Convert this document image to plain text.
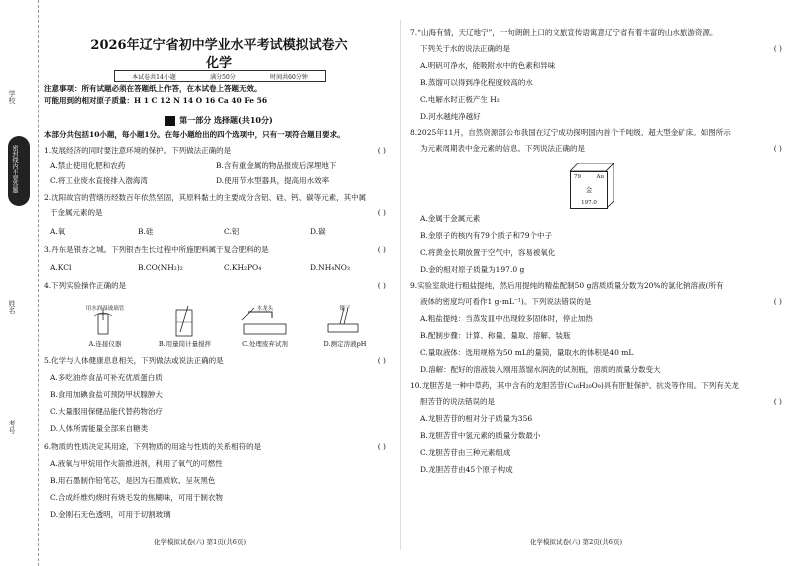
学校
姓名
考号
密封线内不要答题
2026年辽宁省初中学业水平考试模拟试卷六
化学
本试卷共14小题	满分50分	时间共60分钟
注意事项：所有试题必须在答题纸上作答，在本试卷上答题无效。
可能用到的相对原子质量：H 1 C 12 N 14 O 16 Ca 40 Fe 56
第一部分 选择题(共10分)
本部分共包括10小题，每小题1分。在每小题给出的四个选项中，只有一项符合题目要求。
1.发展经济的同时要注意环境的保护。下列做法正确的是	( )
A.禁止使用化肥和农药	B.含有重金属的物品报废后深埋地下
C.将工业废水直接排入渤海湾	D.使用节水型器具，提高用水效率
2.沈阳故宫的营缮历经数百年依然坚固，其原料黏土的主要成分含铝、硅、钙、碳等元素，其中属
于金属元素的是	( )
A.氧	B.硅	C.铝	D.碳
3.丹东是银杏之城。下列银杏生长过程中所施肥料属于复合肥料的是	( )
A.KCl	B.CO(NH₂)₂	C.KH₂PO₄	D.NH₄NO₃
4.下列实验操作正确的是	( )
用水润湿玻璃管
A.连接仪器	B.用量筒计量搅拌
水龙头
C.处理废弃试剂
镊子
D.测定溶液pH
5.化学与人体健康息息相关，下列做法或说法正确的是	( )
A.多吃油炸食品可补充优质蛋白质
B.食用加碘食盐可预防甲状腺肿大
C.大量服用保健品能代替药物治疗
D.人体所需能量全部来自糖类
6.物质的性质决定其用途，下列物质的用途与性质的关系相符的是	( )
A.液氧与甲烷用作火箭推进剂，利用了氧气的可燃性
B.用石墨制作铅笔芯，是因为石墨质软、呈灰黑色
C.合成纤维灼烧时有烧毛发的焦糊味，可用于制衣物
D.金刚石无色透明，可用于切割玻璃
化学模拟试卷(六) 第1页(共6页)
7.“山海有情，天辽地宁”，一句朗朗上口的文旅宣传语寓意辽宁省有着丰富的山水旅游资源。
下列关于水的说法正确的是	( )
A.明矾可净水，能吸附水中的色素和异味
B.蒸馏可以得到净化程度较高的水
C.电解水时正极产生 H₂
D.河水越纯净越好
8.2025年11月，自然资源部公布我国在辽宁成功探明国内首个千吨级、超大型金矿床。如图所示
为元素周期表中金元素的信息。下列说法正确的是	( )
79	Au
金
197.0
A.金属于金属元素
B.金原子的核内有79个质子和79个中子
C.将黄金长期放置于空气中，容易被氧化
D.金的相对原子质量为197.0 g
9.实验室欲进行粗盐提纯，然后用提纯的精盐配制50 g溶质质量分数为20%的氯化钠溶液(所有
液体的密度均可看作1 g·mL⁻¹)。下列说法错误的是	( )
A.粗盐提纯：当蒸发皿中出现较多固体时，停止加热
B.配制步骤：计算、称量、量取、溶解、装瓶
C.量取液体：选用规格为50 mL的量筒，量取水的体积是40 mL
D.溶解：配好的溶液装入刚用蒸馏水润洗的试剂瓶，溶质的质量分数变大
10.龙胆苦是一种中草药，其中含有的龙胆苦苷(C₁₆H₂₀O₉)具有肝脏保护、抗炎等作用。下列有关龙
胆苦苷的说法错误的是	( )
A.龙胆苦苷的相对分子质量为356
B.龙胆苦苷中氢元素的质量分数最小
C.龙胆苦苷由三种元素组成
D.龙胆苦苷由45个原子构成
化学模拟试卷(六) 第2页(共6页)
